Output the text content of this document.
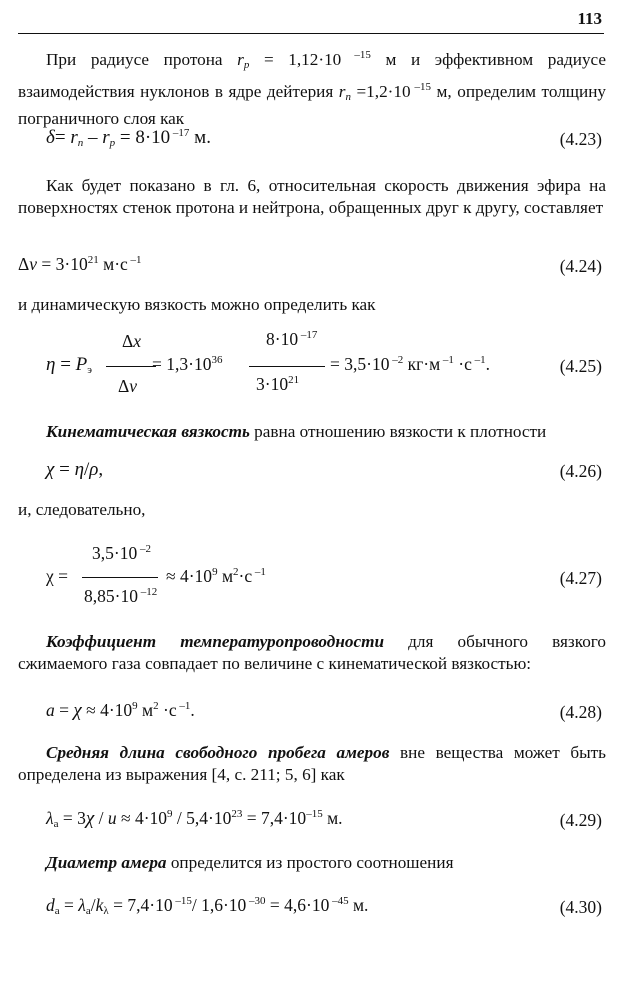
113
При радиусе протона $r_p = 1,12\cdot 10$ $^{-15}$ м и эффективном радиусе взаимодействия нуклонов в ядре дейтерия $r_n =1,2\cdot 10$ $^{-15}$ м, определим толщину пограничного слоя как
$\delta= r_n - r_p = 8\cdot 10$ $^{-17}$ м.	(4.23)
Как будет показано в гл. 6, относительная скорость движения эфира на поверхностях стенок протона и нейтрона, обращенных друг к другу, составляет
$\Delta v = 3\cdot 10^{21}$ м·с $^{-1}$	(4.24)
и динамическую вязкость можно определить как
Δx
$\eta = P_э$
Δv
= $1,3\cdot 10^{36}$
8·10 $^{-17}$
$3\cdot 10^{21}$
= 3,5·10 $^{-2}$ кг·м $^{-1}$ ·с $^{-1}$.	(4.25)
Кинематическая вязкость равна отношению вязкости к плотности
χ = η/ρ,	(4.26)
и, следовательно,
3,5·10 $^{-2}$
χ =
8,85·10 $^{-12}$
≈ $4\cdot 10^9$ $м^2\cdot с$ $^{-1}$	(4.27)
Коэффициент температуропроводности для обычного вязкого сжимаемого газа совпадает по величине с кинематической вязкостью:
$a = \chi \approx 4\cdot 10^9$ $м^2 \cdot с$ $^{-1}$.	(4.28)
Средняя длина свободного пробега амеров вне вещества может быть определена из выражения [4, с. 211; 5, 6] как
$\lambda_а = 3\chi / u \approx 4\cdot 10^9 / 5,4\cdot 10^{23} = 7,4\cdot 10^{-15}$ м.	(4.29)
Диаметр амера определится из простого соотношения
$d_а = \lambda_а/k_\lambda = 7,4\cdot 10$ $^{-15}$/ 1,6·10 $^{-30}$ = 4,6·10 $^{-45}$ м.	(4.30)
